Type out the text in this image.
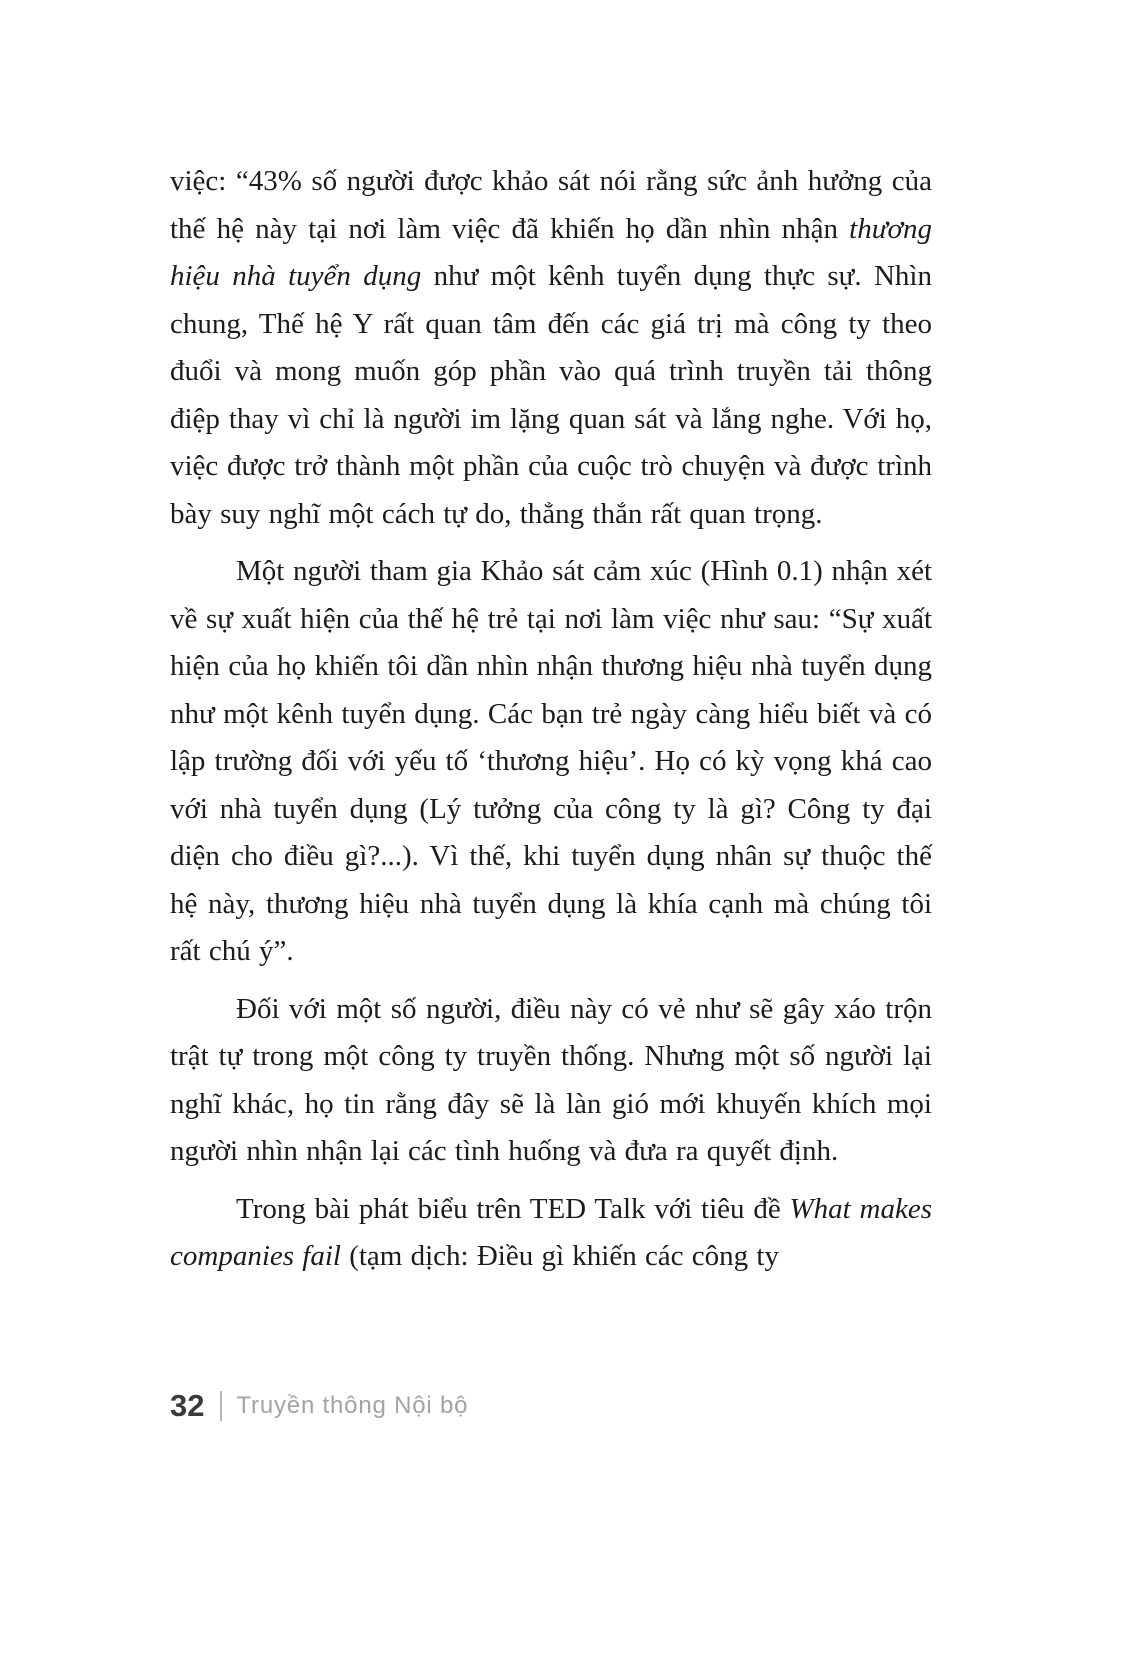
việc: “43% số người được khảo sát nói rằng sức ảnh hưởng của thế hệ này tại nơi làm việc đã khiến họ dần nhìn nhận thương hiệu nhà tuyển dụng như một kênh tuyển dụng thực sự. Nhìn chung, Thế hệ Y rất quan tâm đến các giá trị mà công ty theo đuổi và mong muốn góp phần vào quá trình truyền tải thông điệp thay vì chỉ là người im lặng quan sát và lắng nghe. Với họ, việc được trở thành một phần của cuộc trò chuyện và được trình bày suy nghĩ một cách tự do, thẳng thắn rất quan trọng.

Một người tham gia Khảo sát cảm xúc (Hình 0.1) nhận xét về sự xuất hiện của thế hệ trẻ tại nơi làm việc như sau: “Sự xuất hiện của họ khiến tôi dần nhìn nhận thương hiệu nhà tuyển dụng như một kênh tuyển dụng. Các bạn trẻ ngày càng hiểu biết và có lập trường đối với yếu tố ‘thương hiệu’. Họ có kỳ vọng khá cao với nhà tuyển dụng (Lý tưởng của công ty là gì? Công ty đại diện cho điều gì?...). Vì thế, khi tuyển dụng nhân sự thuộc thế hệ này, thương hiệu nhà tuyển dụng là khía cạnh mà chúng tôi rất chú ý”.

Đối với một số người, điều này có vẻ như sẽ gây xáo trộn trật tự trong một công ty truyền thống. Nhưng một số người lại nghĩ khác, họ tin rằng đây sẽ là làn gió mới khuyến khích mọi người nhìn nhận lại các tình huống và đưa ra quyết định.

Trong bài phát biểu trên TED Talk với tiêu đề What makes companies fail (tạm dịch: Điều gì khiến các công ty

32 Truyền thông Nội bộ
